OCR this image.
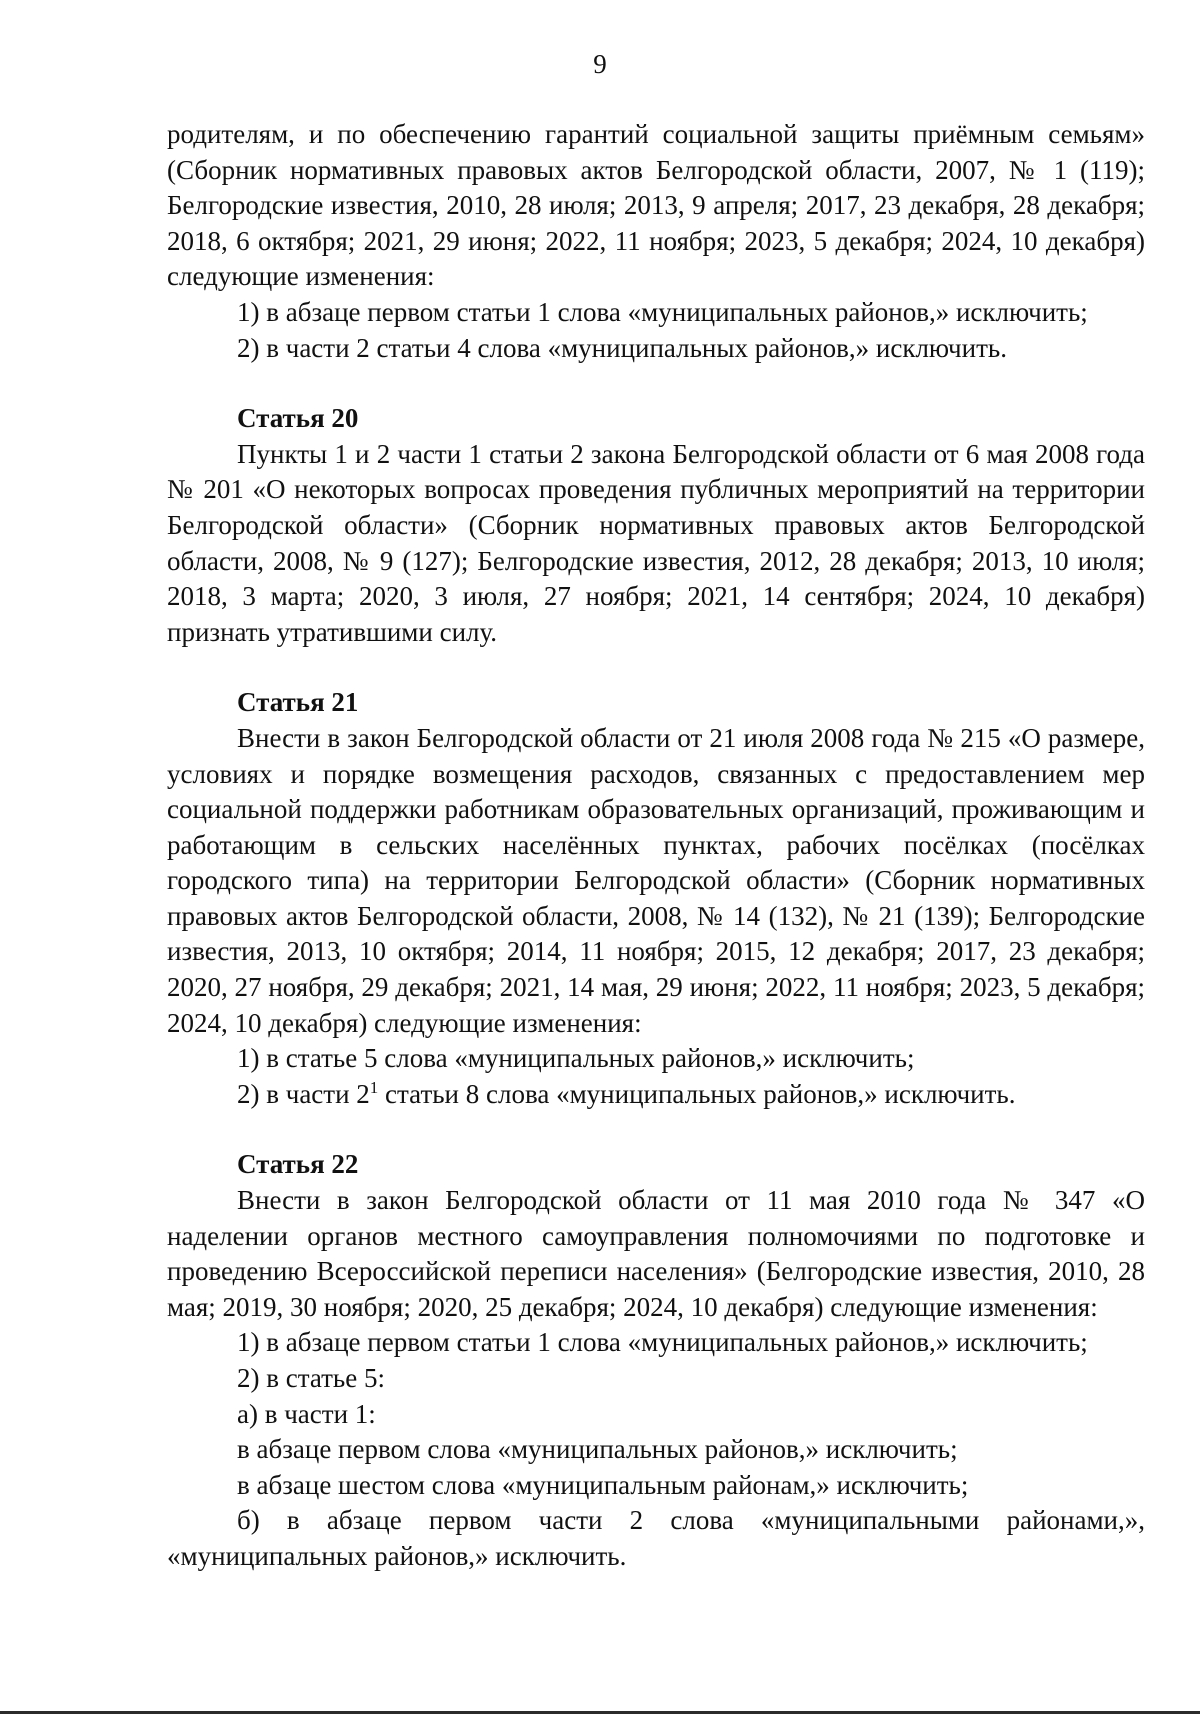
9

родителям, и по обеспечению гарантий социальной защиты приёмным семьям» (Сборник нормативных правовых актов Белгородской области, 2007, № 1 (119); Белгородские известия, 2010, 28 июля; 2013, 9 апреля; 2017, 23 декабря, 28 декабря; 2018, 6 октября; 2021, 29 июня; 2022, 11 ноября; 2023, 5 декабря; 2024, 10 декабря) следующие изменения:

1) в абзаце первом статьи 1 слова «муниципальных районов,» исключить;

2) в части 2 статьи 4 слова «муниципальных районов,» исключить.

Статья 20

Пункты 1 и 2 части 1 статьи 2 закона Белгородской области от 6 мая 2008 года № 201 «О некоторых вопросах проведения публичных мероприятий на территории Белгородской области» (Сборник нормативных правовых актов Белгородской области, 2008, № 9 (127); Белгородские известия, 2012, 28 декабря; 2013, 10 июля; 2018, 3 марта; 2020, 3 июля, 27 ноября; 2021, 14 сентября; 2024, 10 декабря) признать утратившими силу.

Статья 21

Внести в закон Белгородской области от 21 июля 2008 года № 215 «О размере, условиях и порядке возмещения расходов, связанных с предоставлением мер социальной поддержки работникам образовательных организаций, проживающим и работающим в сельских населённых пунктах, рабочих посёлках (посёлках городского типа) на территории Белгородской области» (Сборник нормативных правовых актов Белгородской области, 2008, № 14 (132), № 21 (139); Белгородские известия, 2013, 10 октября; 2014, 11 ноября; 2015, 12 декабря; 2017, 23 декабря; 2020, 27 ноября, 29 декабря; 2021, 14 мая, 29 июня; 2022, 11 ноября; 2023, 5 декабря; 2024, 10 декабря) следующие изменения:

1) в статье 5 слова «муниципальных районов,» исключить;

2) в части $2^1$ статьи 8 слова «муниципальных районов,» исключить.

Статья 22

Внести в закон Белгородской области от 11 мая 2010 года № 347 «О наделении органов местного самоуправления полномочиями по подготовке и проведению Всероссийской переписи населения» (Белгородские известия, 2010, 28 мая; 2019, 30 ноября; 2020, 25 декабря; 2024, 10 декабря) следующие изменения:

1) в абзаце первом статьи 1 слова «муниципальных районов,» исключить;

2) в статье 5:

а) в части 1:

в абзаце первом слова «муниципальных районов,» исключить;

в абзаце шестом слова «муниципальным районам,» исключить;

б) в абзаце первом части 2 слова «муниципальными районами,», «муниципальных районов,» исключить.
